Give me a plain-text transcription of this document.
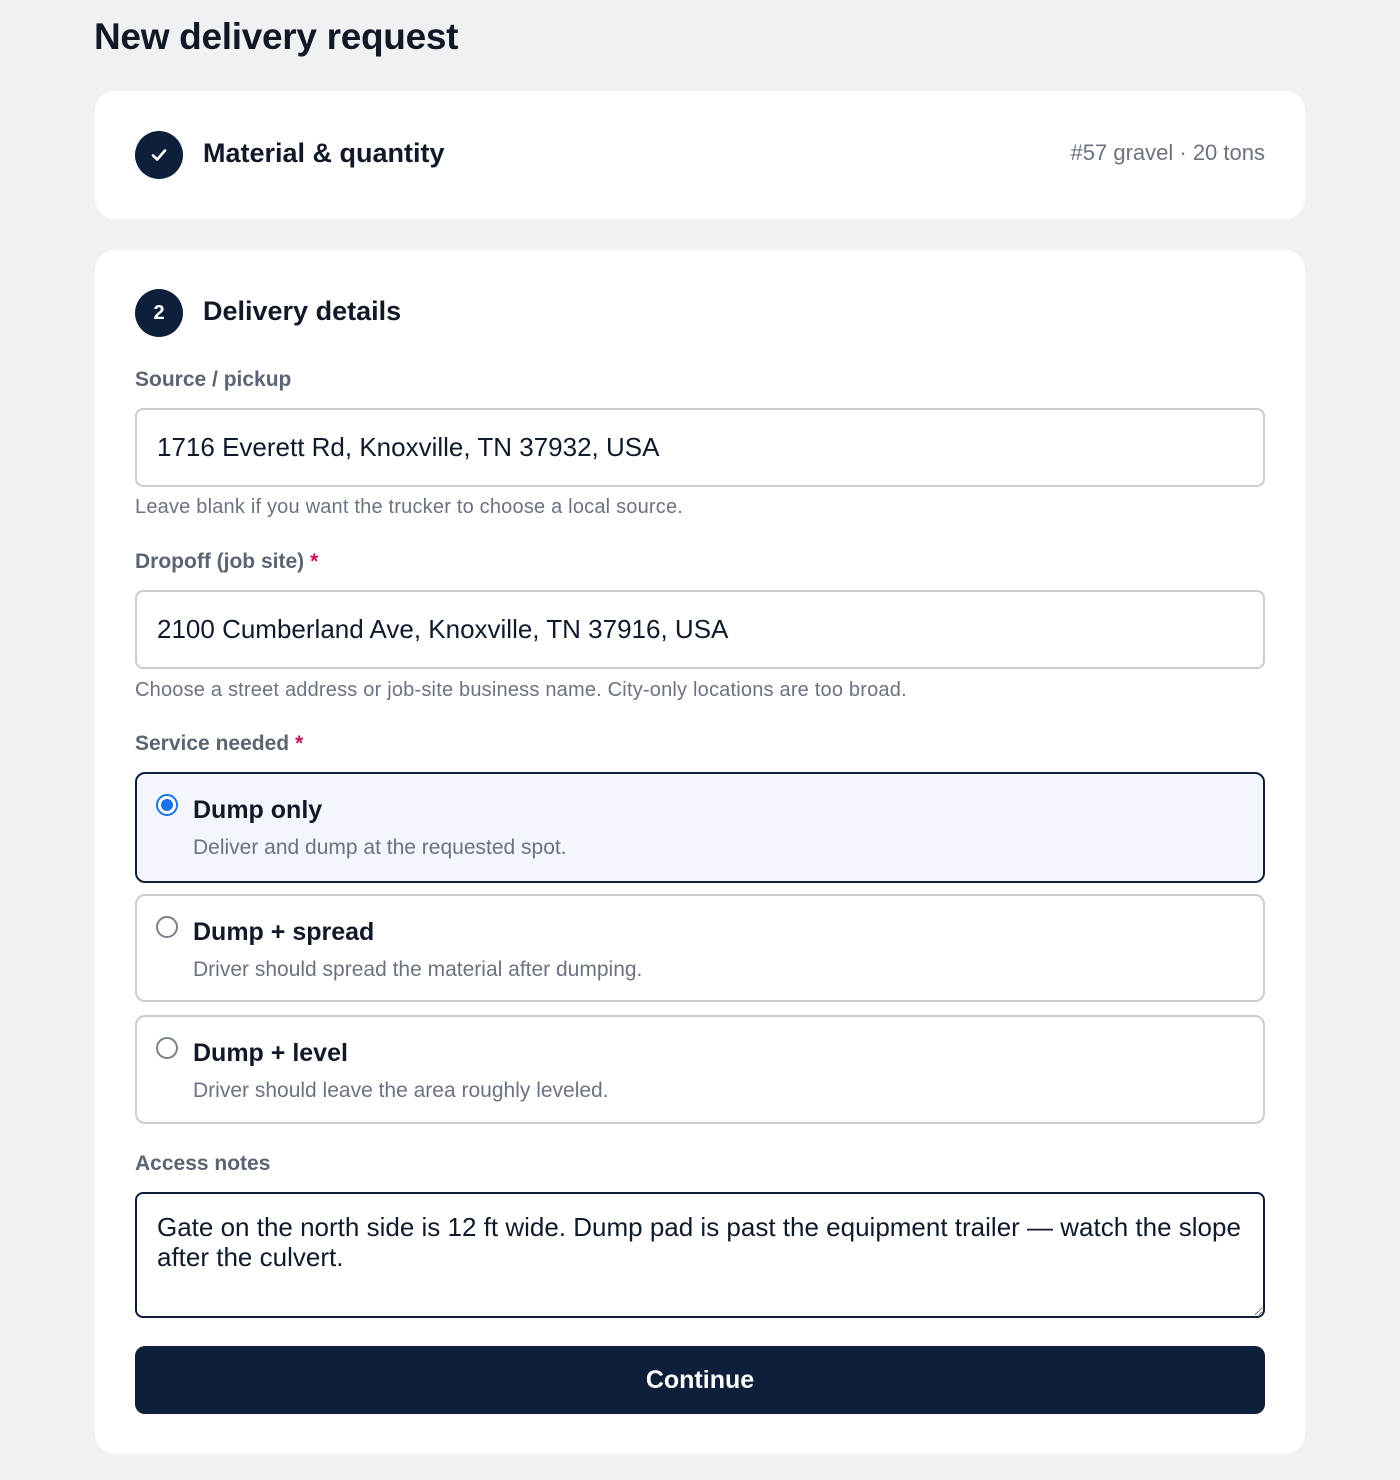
New delivery request
Material & quantity	#57 gravel · 20 tons
2	Delivery details
Source / pickup
1716 Everett Rd, Knoxville, TN 37932, USA
Leave blank if you want the trucker to choose a local source.
Dropoff (job site) *
2100 Cumberland Ave, Knoxville, TN 37916, USA
Choose a street address or job-site business name. City-only locations are too broad.
Service needed *
Dump only
Deliver and dump at the requested spot.
Dump + spread
Driver should spread the material after dumping.
Dump + level
Driver should leave the area roughly leveled.
Access notes
Gate on the north side is 12 ft wide. Dump pad is past the equipment trailer — watch the slope after the culvert.
Continue
